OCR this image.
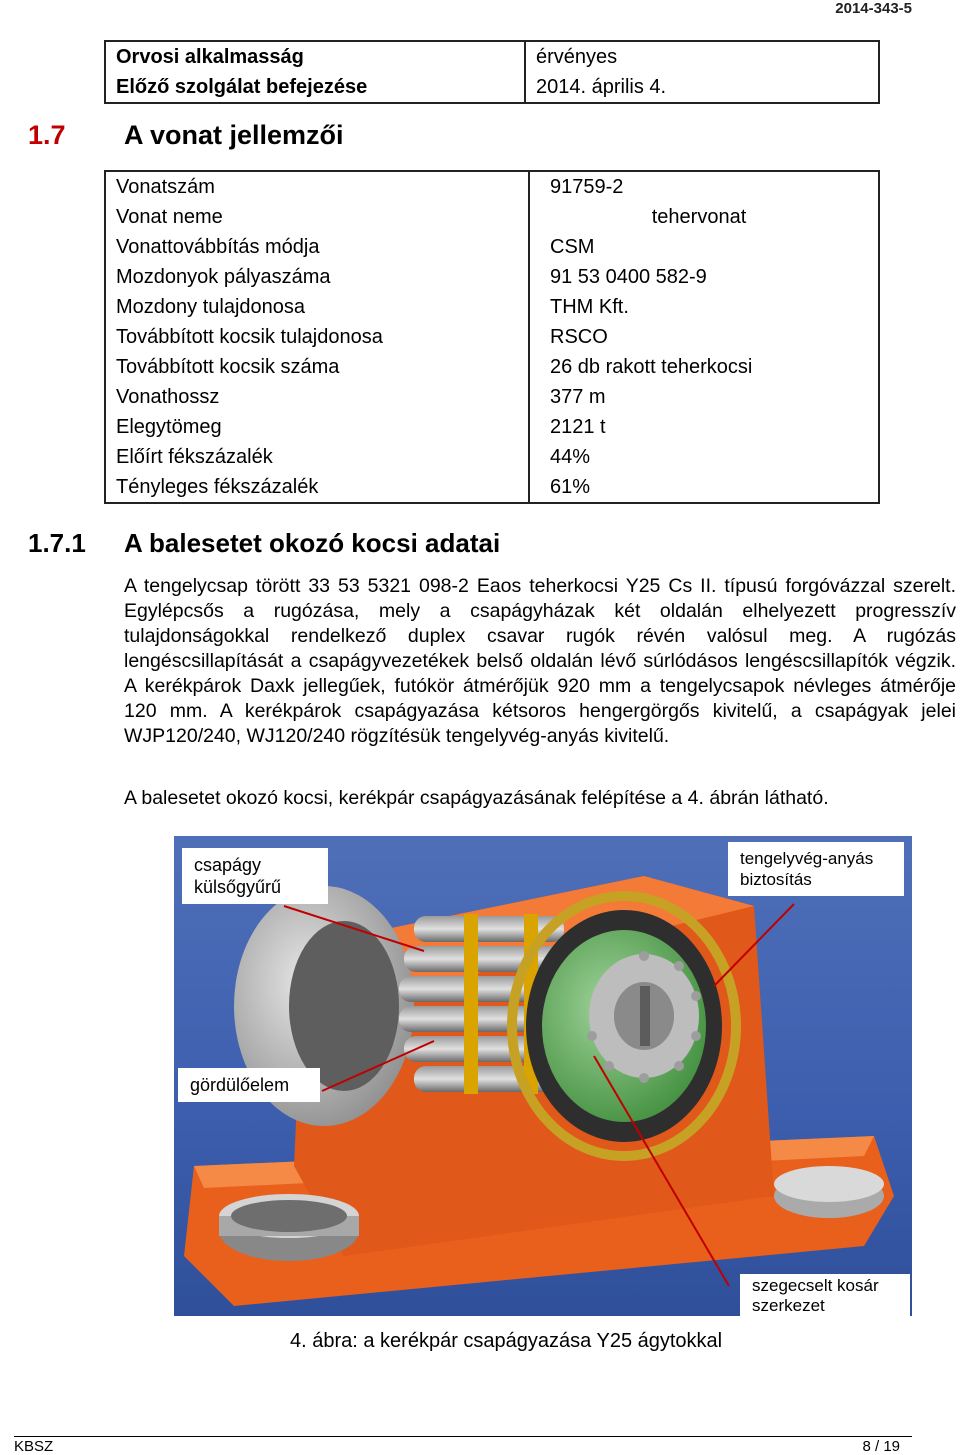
2014-343-5
Orvosi alkalmasság	érvényes
Előző szolgálat befejezése	2014. április 4.
1.7 A vonat jellemzői
Vonatszám	91759-2
Vonat neme	tehervonat
Vonattovábbítás módja	CSM
Mozdonyok pályaszáma	91 53 0400 582-9
Mozdony tulajdonosa	THM Kft.
Továbbított kocsik tulajdonosa	RSCO
Továbbított kocsik száma	26 db rakott teherkocsi
Vonathossz	377 m
Elegytömeg	2121 t
Előírt fékszázalék	44%
Tényleges fékszázalék	61%
1.7.1 A balesetet okozó kocsi adatai
A tengelycsap törött 33 53 5321 098-2 Eaos teherkocsi Y25 Cs II. típusú forgóvázzal szerelt. Egylépcsős a rugózása, mely a csapágyházak két oldalán elhelyezett progresszív tulajdonságokkal rendelkező duplex csavar rugók révén valósul meg. A rugózás lengéscsillapítását a csapágyvezetékek belső oldalán lévő súrlódásos lengéscsillapítók végzik. A kerékpárok Daxk jellegűek, futókör átmérőjük 920 mm a tengelycsapok névleges átmérője 120 mm. A kerékpárok csapágyazása kétsoros hengergörgős kivitelű, a csapágyak jelei WJP120/240, WJ120/240 rögzítésük tengelyvég-anyás kivitelű.
A balesetet okozó kocsi, kerékpár csapágyazásának felépítése a 4. ábrán látható.
csapágy külsőgyűrű
tengelyvég-anyás biztosítás
gördülőelem
szegecselt kosár szerkezet
4. ábra: a kerékpár csapágyazása Y25 ágytokkal
KBSZ	8 / 19
